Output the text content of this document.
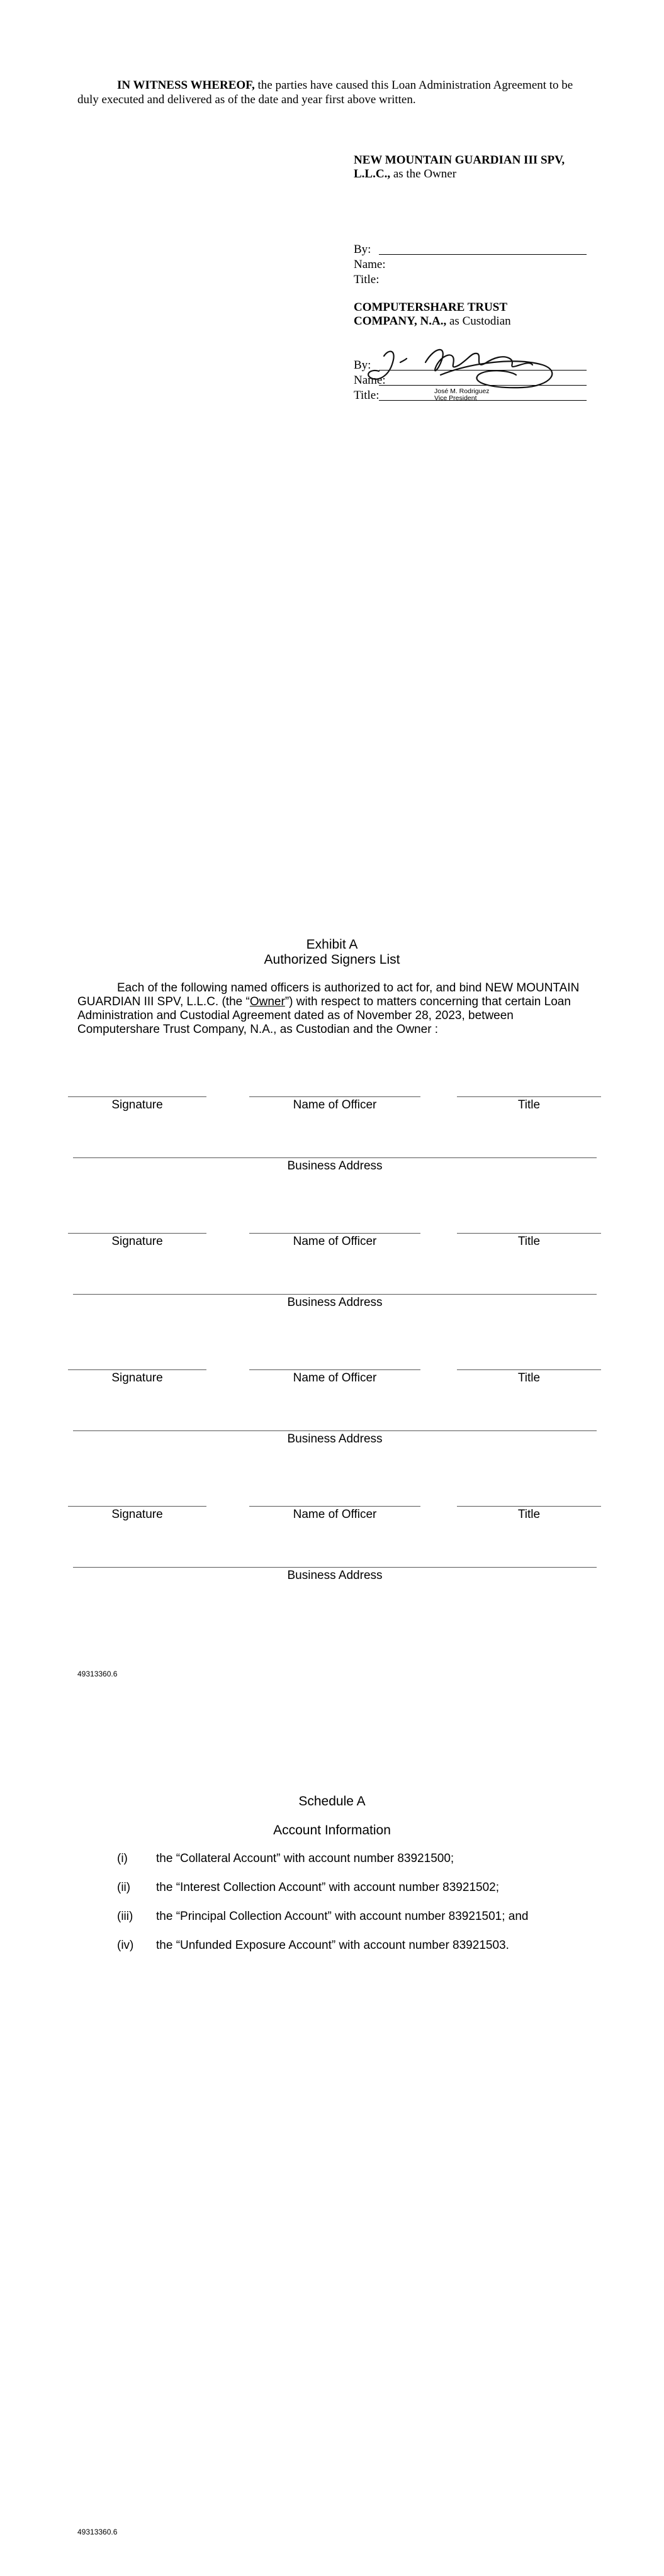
IN WITNESS WHEREOF, the parties have caused this Loan Administration Agreement to be duly executed and delivered as of the date and year first above written.
NEW MOUNTAIN GUARDIAN III SPV, L.L.C., as the Owner
By:
Name:
Title:
COMPUTERSHARE TRUST COMPANY, N.A., as Custodian
By:
Name:
Title:	José M. Rodriguez
Vice President
Exhibit A
Authorized Signers List
Each of the following named officers is authorized to act for, and bind NEW MOUNTAIN GUARDIAN III SPV, L.L.C. (the “Owner”) with respect to matters concerning that certain Loan Administration and Custodial Agreement dated as of November 28, 2023, between Computershare Trust Company, N.A., as Custodian and the Owner :
Signature	Name of Officer	Title
Business Address
Signature	Name of Officer	Title
Business Address
Signature	Name of Officer	Title
Business Address
Signature	Name of Officer	Title
Business Address
49313360.6
Schedule A
Account Information
(i) the “Collateral Account” with account number 83921500;
(ii) the “Interest Collection Account” with account number 83921502;
(iii) the “Principal Collection Account” with account number 83921501; and
(iv) the “Unfunded Exposure Account” with account number 83921503.
49313360.6
